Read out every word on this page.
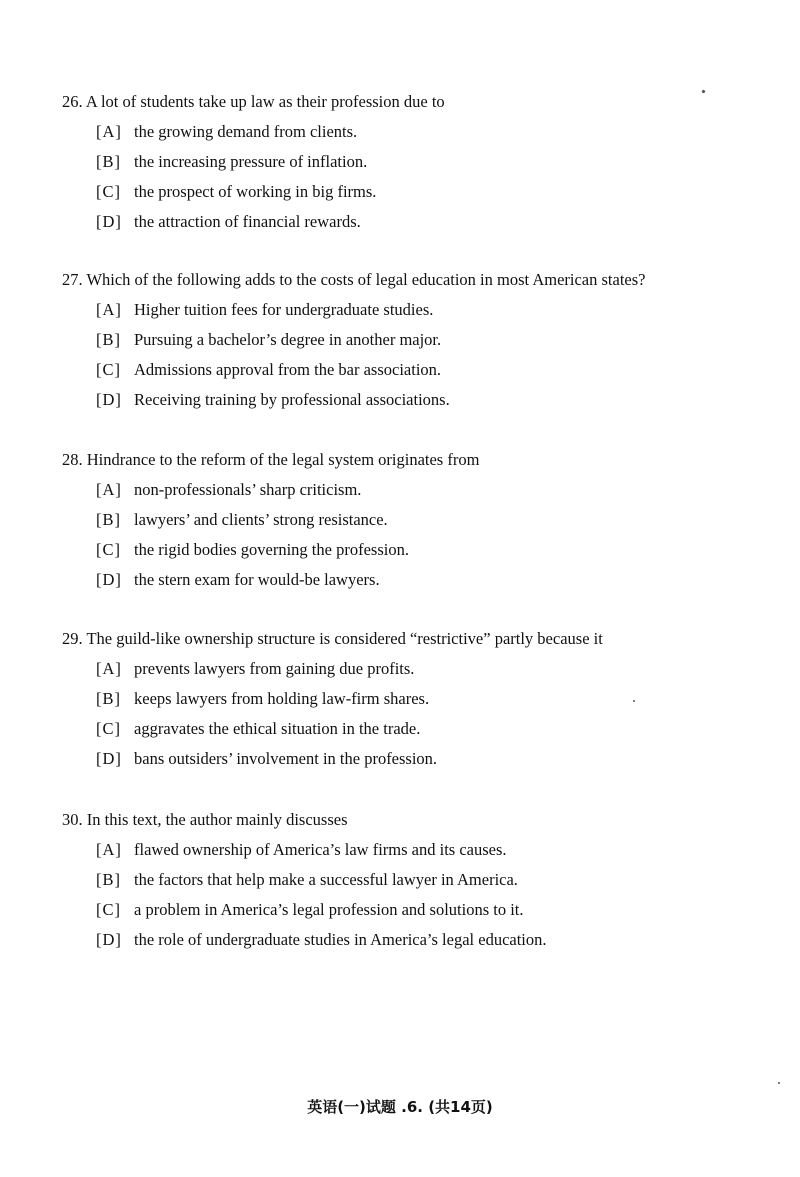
26. A lot of students take up law as their profession due to
[A] the growing demand from clients.
[B] the increasing pressure of inflation.
[C] the prospect of working in big firms.
[D] the attraction of financial rewards.
27. Which of the following adds to the costs of legal education in most American states?
[A] Higher tuition fees for undergraduate studies.
[B] Pursuing a bachelor’s degree in another major.
[C] Admissions approval from the bar association.
[D] Receiving training by professional associations.
28. Hindrance to the reform of the legal system originates from
[A] non-professionals’ sharp criticism.
[B] lawyers’ and clients’ strong resistance.
[C] the rigid bodies governing the profession.
[D] the stern exam for would-be lawyers.
29. The guild-like ownership structure is considered “restrictive” partly because it
[A] prevents lawyers from gaining due profits.
[B] keeps lawyers from holding law-firm shares.
[C] aggravates the ethical situation in the trade.
[D] bans outsiders’ involvement in the profession.
30. In this text, the author mainly discusses
[A] flawed ownership of America’s law firms and its causes.
[B] the factors that help make a successful lawyer in America.
[C] a problem in America’s legal profession and solutions to it.
[D] the role of undergraduate studies in America’s legal education.
英语(一)试题 .6. (共14页)
